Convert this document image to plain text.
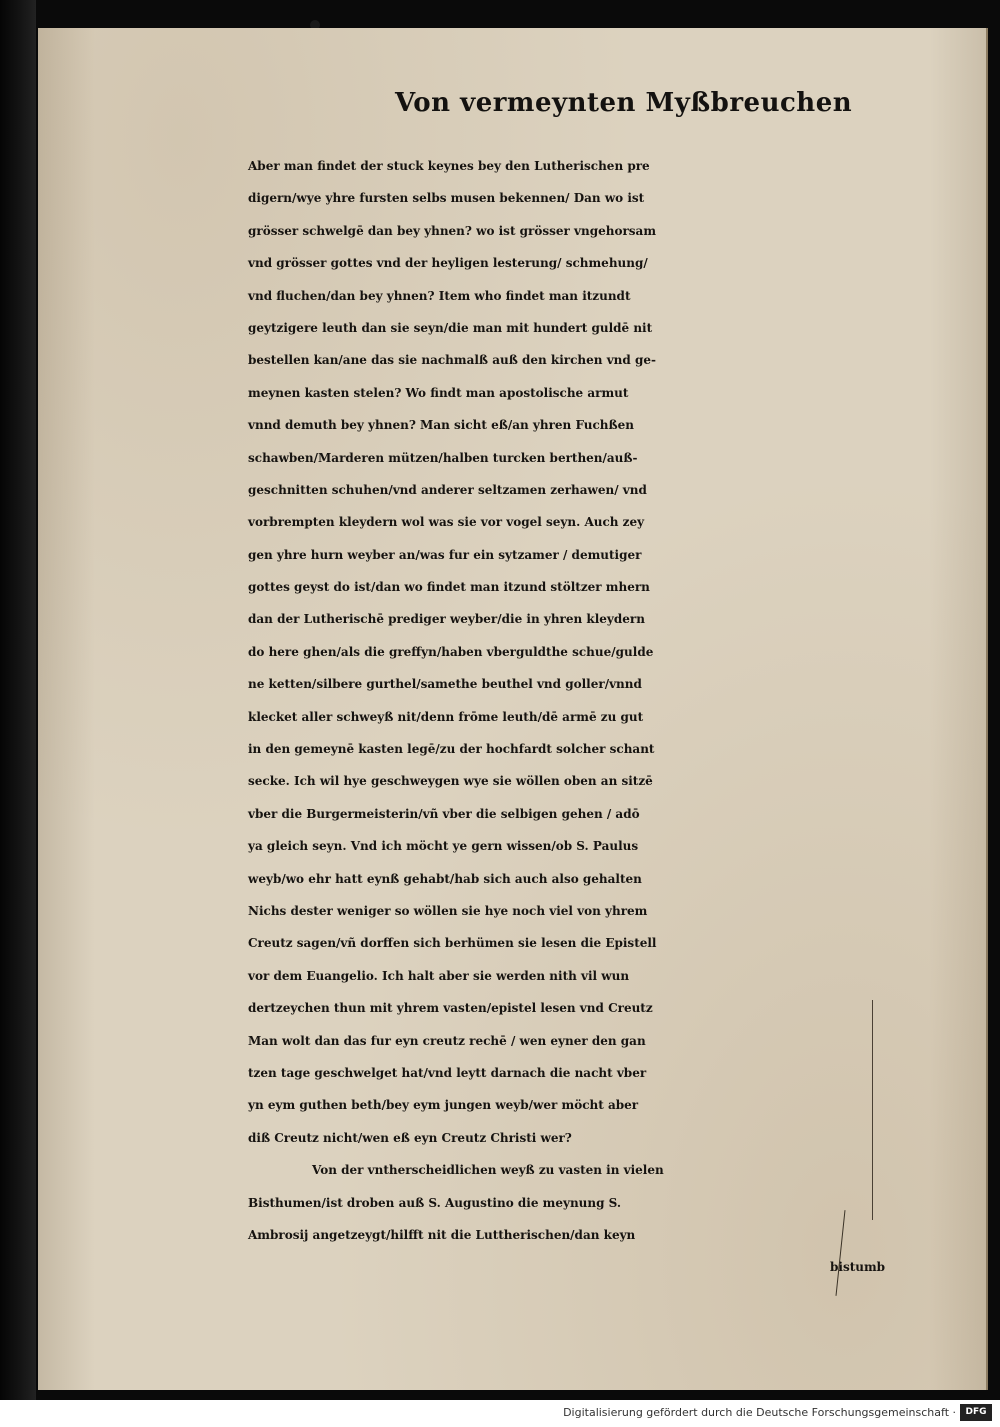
Von vermeynten Myßbreuchen
Aber man findet der stuck keynes bey den Lutherischen pre
digern/wye yhre fursten selbs musen bekennen/ Dan wo ist
grösser schwelgē dan bey yhnen? wo ist grösser vngehorsam
vnd grösser gottes vnd der heyligen lesterung/ schmehung/
vnd fluchen/dan bey yhnen? Item who findet man itzundt
geytzigere leuth dan sie seyn/die man mit hundert guldē nit
bestellen kan/ane das sie nachmalß auß den kirchen vnd ge-
meynen kasten stelen? Wo findt man apostolische armut
vnnd demuth bey yhnen? Man sicht eß/an yhren Fuchßen
schawben/Marderen mützen/halben turcken berthen/auß-
geschnitten schuhen/vnd anderer seltzamen zerhawen/ vnd
vorbrempten kleydern wol was sie vor vogel seyn. Auch zey
gen yhre hurn weyber an/was fur ein sytzamer / demutiger
gottes geyst do ist/dan wo findet man itzund stöltzer mhern
dan der Lutherischē prediger weyber/die in yhren kleydern
do here ghen/als die greffyn/haben vberguldthe schue/gulde
ne ketten/silbere gurthel/samethe beuthel vnd goller/vnnd
klecket aller schweyß nit/denn frōme leuth/dē armē zu gut
in den gemeynē kasten legē/zu der hochfardt solcher schant
secke. Ich wil hye geschweygen wye sie wöllen oben an sitzē
vber die Burgermeisterin/vñ vber die selbigen gehen / adō
ya gleich seyn. Vnd ich möcht ye gern wissen/ob S. Paulus
weyb/wo ehr hatt eynß gehabt/hab sich auch also gehalten
Nichs dester weniger so wöllen sie hye noch viel von yhrem
Creutz sagen/vñ dorffen sich berhümen sie lesen die Epistell
vor dem Euangelio. Ich halt aber sie werden nith vil wun
dertzeychen thun mit yhrem vasten/epistel lesen vnd Creutz
Man wolt dan das fur eyn creutz rechē / wen eyner den gan
tzen tage geschwelget hat/vnd leytt darnach die nacht vber
yn eym guthen beth/bey eym jungen weyb/wer möcht aber
diß Creutz nicht/wen eß eyn Creutz Christi wer?
Von der vntherscheidlichen weyß zu vasten in vielen
Bisthumen/ist droben auß S. Augustino die meynung S.
Ambrosij angetzeygt/hilfft nit die Luttherischen/dan keyn
bistumb
Digitalisierung gefördert durch die Deutsche Forschungsgemeinschaft ·	DFG
